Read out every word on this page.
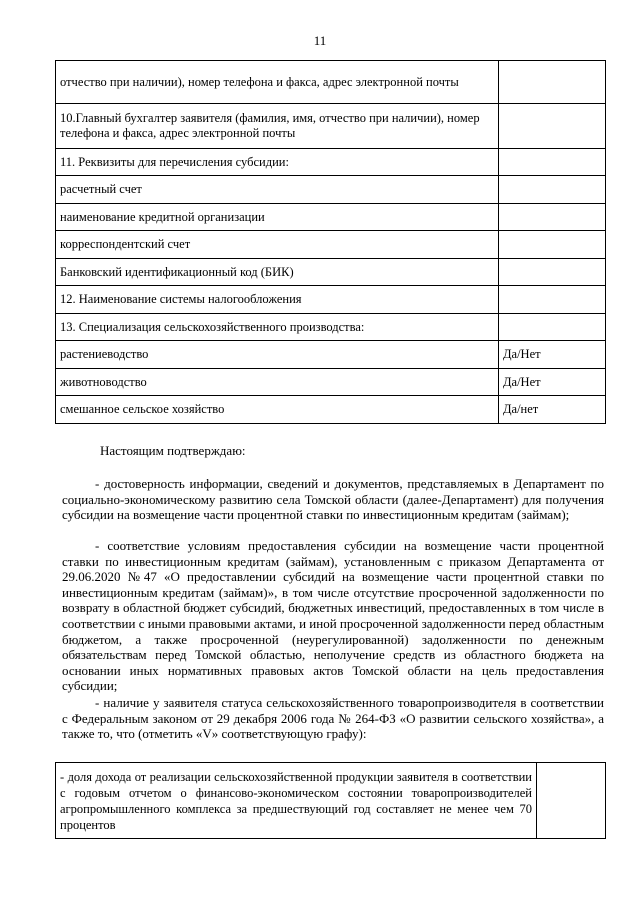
11
отчество при наличии), номер телефона и факса, адрес электронной почты	
10.Главный бухгалтер заявителя (фамилия, имя, отчество при наличии), номер телефона и факса, адрес электронной почты	
11. Реквизиты для перечисления субсидии:	
расчетный счет	
наименование кредитной организации	
корреспондентский счет	
Банковский идентификационный код (БИК)	
12. Наименование системы налогообложения	
13. Специализация сельскохозяйственного производства:	
растениеводство	Да/Нет
животноводство	Да/Нет
смешанное сельское хозяйство	Да/нет

Настоящим подтверждаю:

- достоверность информации, сведений и документов, представляемых в Департамент по социально-экономическому развитию села Томской области (далее-Департамент) для получения субсидии на возмещение части процентной ставки по инвестиционным кредитам (займам);

- соответствие условиям предоставления субсидии на возмещение части процентной ставки по инвестиционным кредитам (займам), установленным с приказом Департамента от 29.06.2020 №47 «О предоставлении субсидий на возмещение части процентной ставки по инвестиционным кредитам (займам)», в том числе отсутствие просроченной задолженности по возврату в областной бюджет субсидий, бюджетных инвестиций, предоставленных в том числе в соответствии с иными правовыми актами, и иной просроченной задолженности перед областным бюджетом, а также просроченной (неурегулированной) задолженности по денежным обязательствам перед Томской областью, неполучение средств из областного бюджета на основании иных нормативных правовых актов Томской области на цель предоставления субсидии;

- наличие у заявителя статуса сельскохозяйственного товаропроизводителя в соответствии с Федеральным законом от 29 декабря 2006 года № 264-ФЗ «О развитии сельского хозяйства», а также то, что (отметить «V» соответствующую графу):

- доля дохода от реализации сельскохозяйственной продукции заявителя в соответствии с годовым отчетом о финансово-экономическом состоянии товаропроизводителей агропромышленного комплекса за предшествующий год составляет не менее чем 70 процентов	
